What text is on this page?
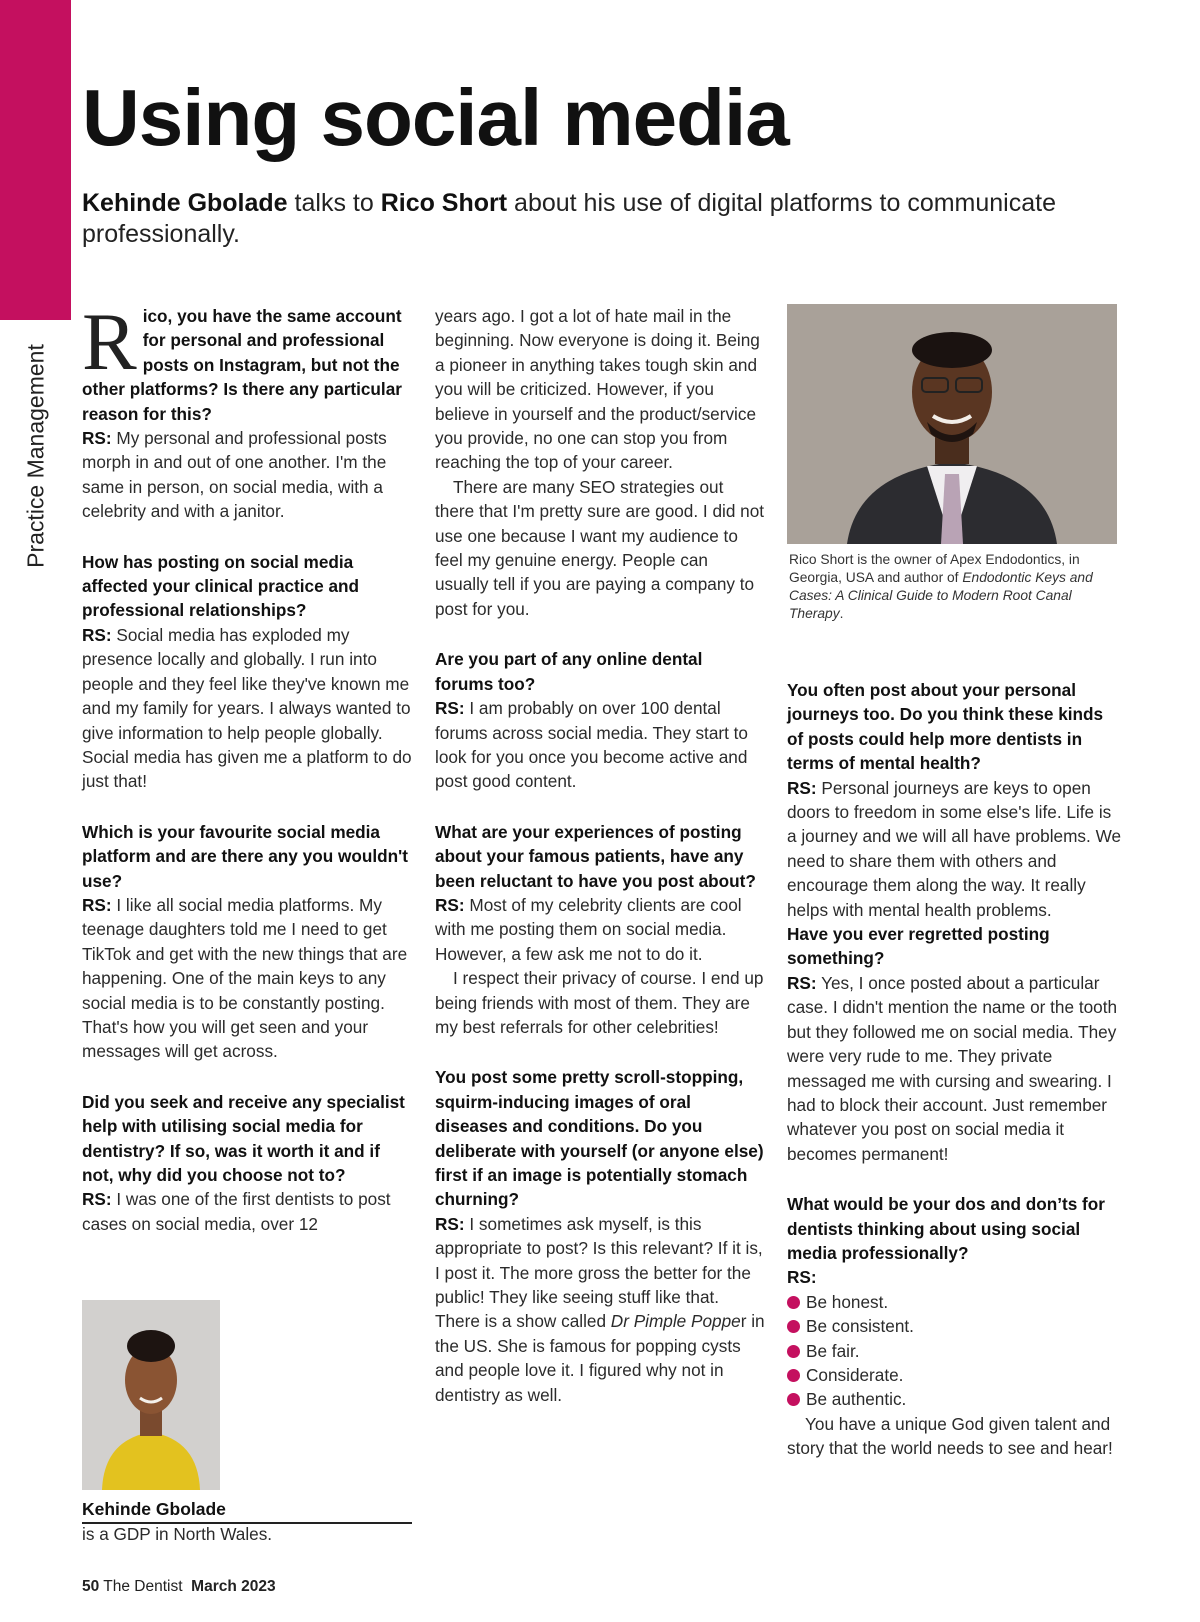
Practice Management
Using social media

Kehinde Gbolade talks to Rico Short about his use of digital platforms to communicate professionally.

Rico, you have the same account for personal and professional posts on Instagram, but not the other platforms? Is there any particular reason for this?

RS: My personal and professional posts morph in and out of one another. I'm the same in person, on social media, with a celebrity and with a janitor.

How has posting on social media affected your clinical practice and professional relationships?

RS: Social media has exploded my presence locally and globally. I run into people and they feel like they've known me and my family for years. I always wanted to give information to help people globally. Social media has given me a platform to do just that!

Which is your favourite social media platform and are there any you wouldn't use?

RS: I like all social media platforms. My teenage daughters told me I need to get TikTok and get with the new things that are happening. One of the main keys to any social media is to be constantly posting. That's how you will get seen and your messages will get across.

Did you seek and receive any specialist help with utilising social media for dentistry? If so, was it worth it and if not, why did you choose not to?

RS: I was one of the first dentists to post cases on social media, over 12

Kehinde Gbolade
is a GDP in North Wales.

years ago. I got a lot of hate mail in the beginning. Now everyone is doing it. Being a pioneer in anything takes tough skin and you will be criticized. However, if you believe in yourself and the product/service you provide, no one can stop you from reaching the top of your career.

There are many SEO strategies out there that I'm pretty sure are good. I did not use one because I want my audience to feel my genuine energy. People can usually tell if you are paying a company to post for you.

Are you part of any online dental forums too?

RS: I am probably on over 100 dental forums across social media. They start to look for you once you become active and post good content.

What are your experiences of posting about your famous patients, have any been reluctant to have you post about?

RS: Most of my celebrity clients are cool with me posting them on social media. However, a few ask me not to do it.

I respect their privacy of course. I end up being friends with most of them. They are my best referrals for other celebrities!

You post some pretty scroll-stopping, squirm-inducing images of oral diseases and conditions. Do you deliberate with yourself (or anyone else) first if an image is potentially stomach churning?

RS: I sometimes ask myself, is this appropriate to post? Is this relevant? If it is, I post it. The more gross the better for the public! They like seeing stuff like that. There is a show called Dr Pimple Popper in the US. She is famous for popping cysts and people love it. I figured why not in dentistry as well.

Rico Short is the owner of Apex Endodontics, in Georgia, USA and author of Endodontic Keys and Cases: A Clinical Guide to Modern Root Canal Therapy.

You often post about your personal journeys too. Do you think these kinds of posts could help more dentists in terms of mental health?

RS: Personal journeys are keys to open doors to freedom in some else's life. Life is a journey and we will all have problems. We need to share them with others and encourage them along the way. It really helps with mental health problems.

Have you ever regretted posting something?

RS: Yes, I once posted about a particular case. I didn't mention the name or the tooth but they followed me on social media. They were very rude to me. They private messaged me with cursing and swearing. I had to block their account. Just remember whatever you post on social media it becomes permanent!

What would be your dos and don’ts for dentists thinking about using social media professionally?

RS:

Be honest.
Be consistent.
Be fair.
Considerate.
Be authentic.

You have a unique God given talent and story that the world needs to see and hear!

50 The Dentist March 2023
